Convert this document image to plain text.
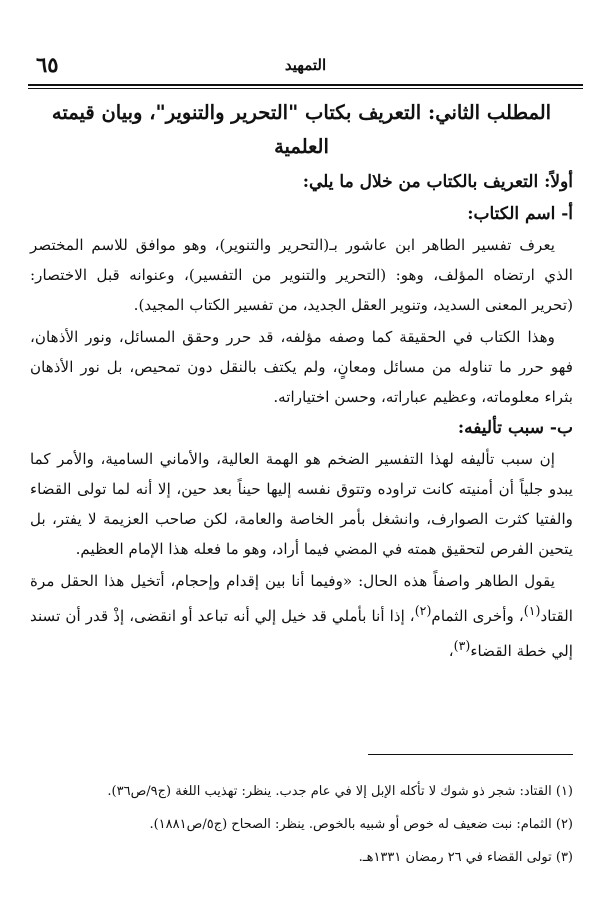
التمهيد
٦٥
المطلب الثاني: التعريف بكتاب "التحرير والتنوير"، وبيان قيمته العلمية
أولاً: التعريف بالكتاب من خلال ما يلي:
أ- اسم الكتاب:

يعرف تفسير الطاهر ابن عاشور بـ(التحرير والتنوير)، وهو موافق للاسم المختصر الذي ارتضاه المؤلف، وهو: (التحرير والتنوير من التفسير)، وعنوانه قبل الاختصار: (تحرير المعنى السديد، وتنوير العقل الجديد، من تفسير الكتاب المجيد).

وهذا الكتاب في الحقيقة كما وصفه مؤلفه، قد حرر وحقق المسائل، ونور الأذهان، فهو حرر ما تناوله من مسائل ومعانٍ، ولم يكتف بالنقل دون تمحيص، بل نور الأذهان بثراء معلوماته، وعظيم عباراته، وحسن اختياراته.

ب- سبب تأليفه:

إن سبب تأليفه لهذا التفسير الضخم هو الهمة العالية، والأماني السامية، والأمر كما يبدو جلياً أن أمنيته كانت تراوده وتتوق نفسه إليها حيناً بعد حين، إلا أنه لما تولى القضاء والفتيا كثرت الصوارف، وانشغل بأمر الخاصة والعامة، لكن صاحب العزيمة لا يفتر، بل يتحين الفرص لتحقيق همته في المضي فيما أراد، وهو ما فعله هذا الإمام العظيم.

يقول الطاهر واصفاً هذه الحال: «وفيما أنا بين إقدام وإحجام، أتخيل هذا الحقل مرة القتاد$^{(١)}$، وأخرى الثمام$^{(٢)}$، إذا أنا بأملي قد خيل إلي أنه تباعد أو انقضى، إذْ قدر أن تسند إلي خطة القضاء$^{(٣)}$،

(١) القتاد: شجر ذو شوك لا تأكله الإبل إلا في عام جدب. ينظر: تهذيب اللغة (ج٩/ص٣٦).

(٢) الثمام: نبت ضعيف له خوص أو شبيه بالخوص. ينظر: الصحاح (ج٥/ص١٨٨١).

(٣) تولى القضاء في ٢٦ رمضان ١٣٣١هـ.
